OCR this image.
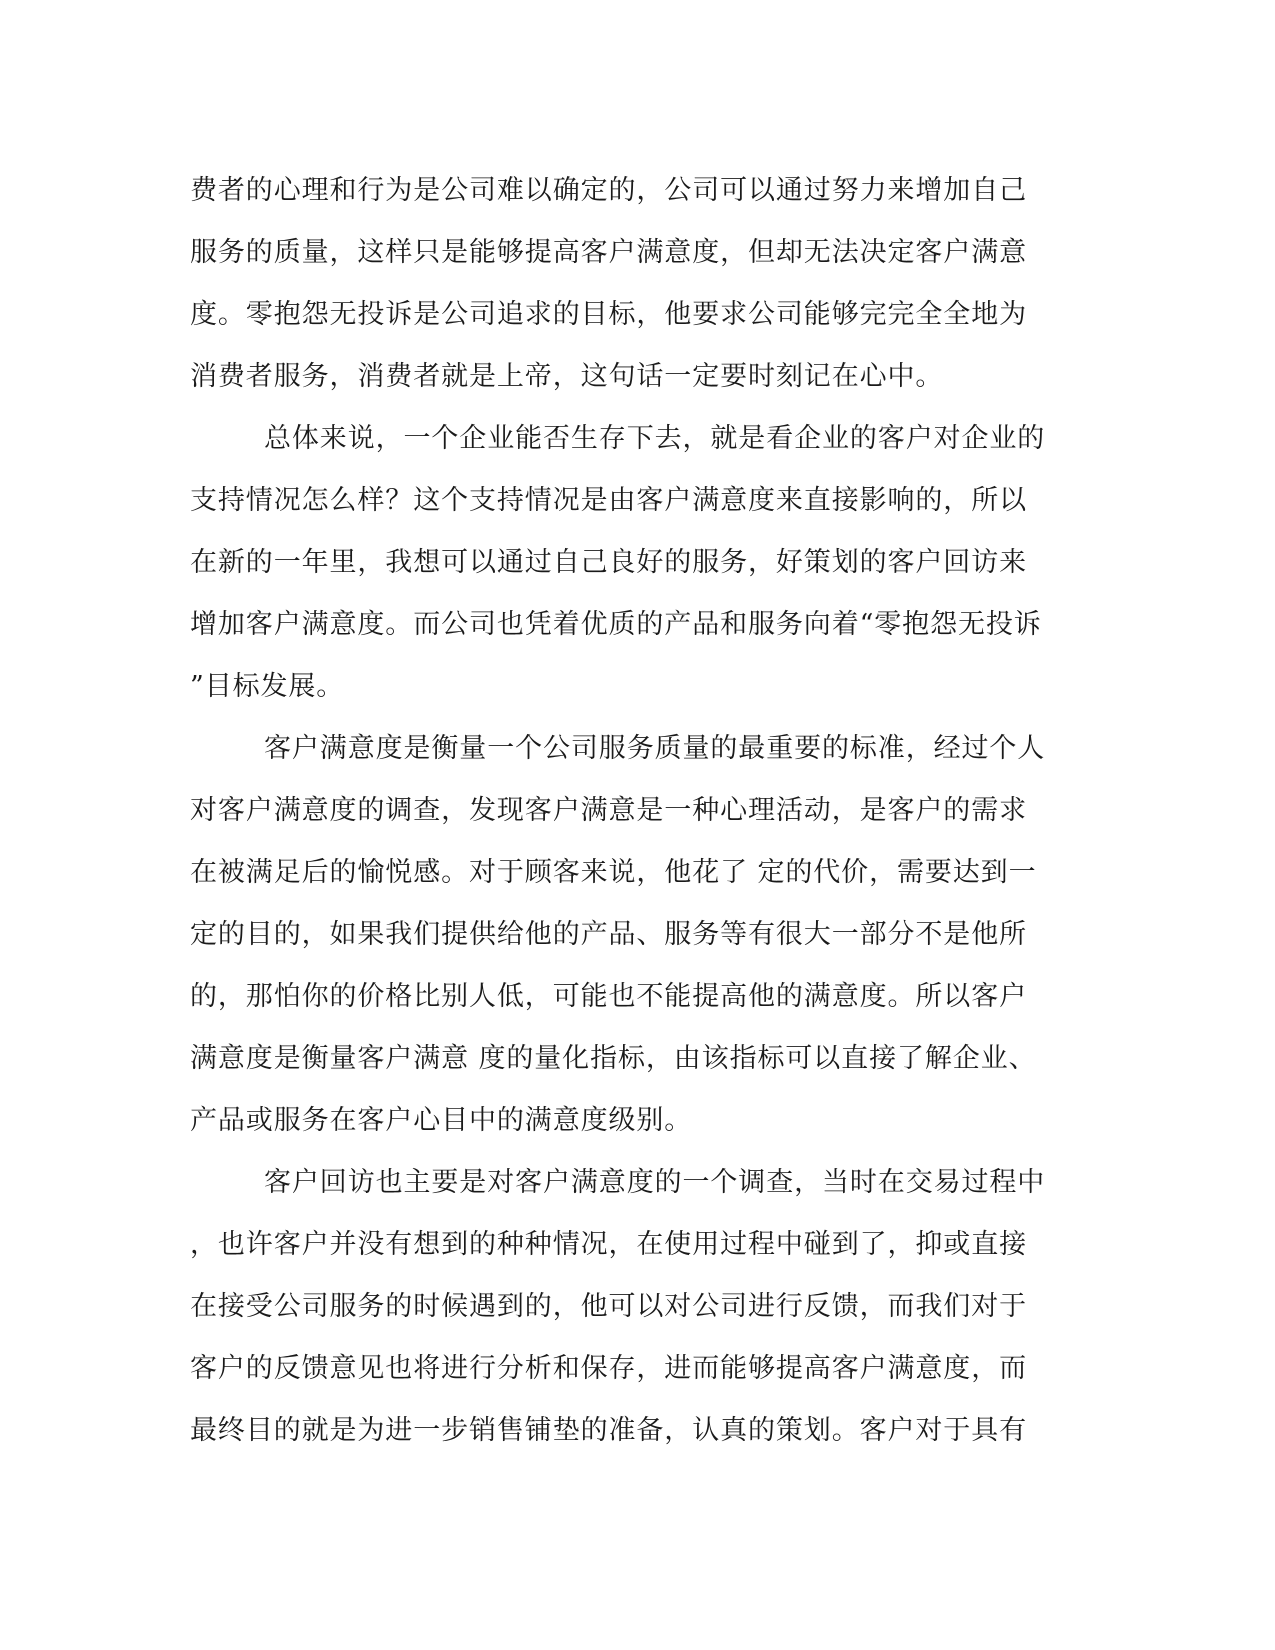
费者的心理和行为是公司难以确定的，公司可以通过努力来增加自己
服务的质量，这样只是能够提高客户满意度，但却无法决定客户满意
度。零抱怨无投诉是公司追求的目标，他要求公司能够完完全全地为
消费者服务，消费者就是上帝，这句话一定要时刻记在心中。
总体来说，一个企业能否生存下去，就是看企业的客户对企业的
支持情况怎么样？这个支持情况是由客户满意度来直接影响的，所以
在新的一年里，我想可以通过自己良好的服务，好策划的客户回访来
增加客户满意度。而公司也凭着优质的产品和服务向着“零抱怨无投诉
”目标发展。
客户满意度是衡量一个公司服务质量的最重要的标准，经过个人
对客户满意度的调查，发现客户满意是一种心理活动，是客户的需求
在被满足后的愉悦感。对于顾客来说，他花了 定的代价，需要达到一
定的目的，如果我们提供给他的产品、服务等有很大一部分不是他所
的，那怕你的价格比别人低，可能也不能提高他的满意度。所以客户
满意度是衡量客户满意 度的量化指标，由该指标可以直接了解企业、
产品或服务在客户心目中的满意度级别。
客户回访也主要是对客户满意度的一个调查，当时在交易过程中
，也许客户并没有想到的种种情况，在使用过程中碰到了，抑或直接
在接受公司服务的时候遇到的，他可以对公司进行反馈，而我们对于
客户的反馈意见也将进行分析和保存，进而能够提高客户满意度，而
最终目的就是为进一步销售铺垫的准备，认真的策划。客户对于具有
